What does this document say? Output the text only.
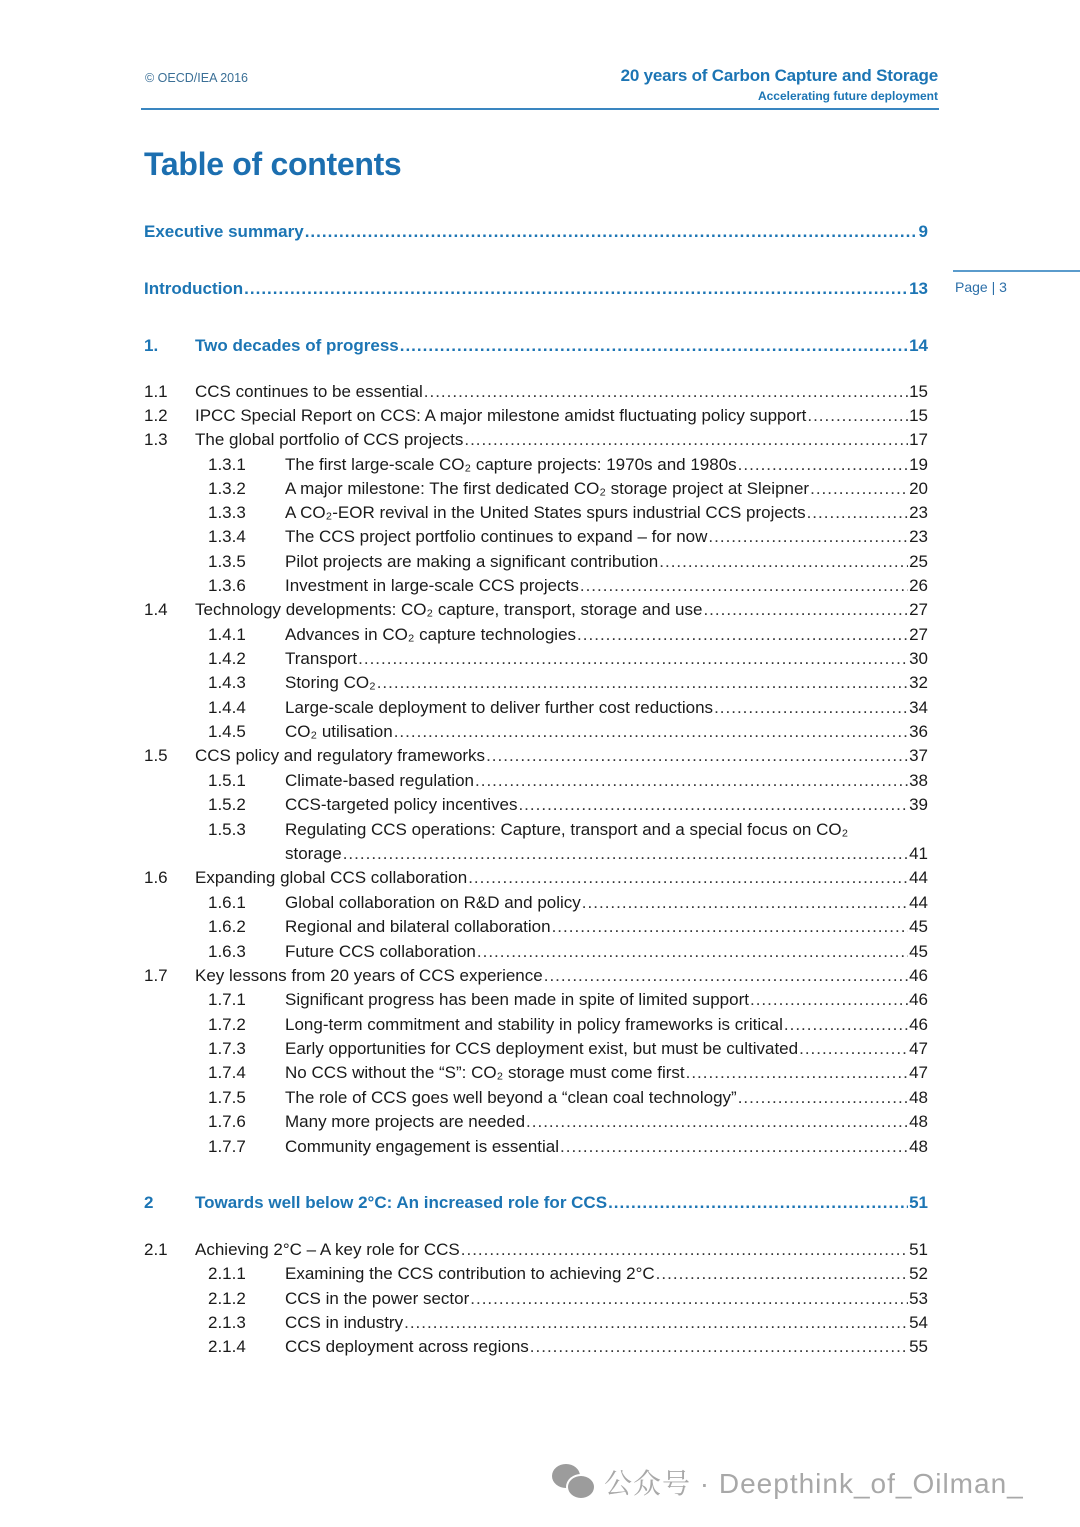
© OECD/IEA 2016	20 years of Carbon Capture and Storage
Accelerating future deployment
Page | 3
Table of contents
Executive summary .....	9
Introduction .....	13
1.	Two decades of progress .....	14
1.1	CCS continues to be essential .....	15
1.2	IPCC Special Report on CCS: A major milestone amidst fluctuating policy support .....	15
1.3	The global portfolio of CCS projects .....	17
1.3.1	The first large-scale CO₂ capture projects: 1970s and 1980s .....	19
1.3.2	A major milestone: The first dedicated CO₂ storage project at Sleipner .....	20
1.3.3	A CO₂-EOR revival in the United States spurs industrial CCS projects .....	23
1.3.4	The CCS project portfolio continues to expand – for now .....	23
1.3.5	Pilot projects are making a significant contribution .....	25
1.3.6	Investment in large-scale CCS projects .....	26
1.4	Technology developments: CO₂ capture, transport, storage and use .....	27
1.4.1	Advances in CO₂ capture technologies .....	27
1.4.2	Transport .....	30
1.4.3	Storing CO₂ .....	32
1.4.4	Large-scale deployment to deliver further cost reductions .....	34
1.4.5	CO₂ utilisation .....	36
1.5	CCS policy and regulatory frameworks .....	37
1.5.1	Climate-based regulation .....	38
1.5.2	CCS-targeted policy incentives .....	39
1.5.3	Regulating CCS operations: Capture, transport and a special focus on CO₂
storage .....	41
1.6	Expanding global CCS collaboration .....	44
1.6.1	Global collaboration on R&D and policy .....	44
1.6.2	Regional and bilateral collaboration .....	45
1.6.3	Future CCS collaboration .....	45
1.7	Key lessons from 20 years of CCS experience .....	46
1.7.1	Significant progress has been made in spite of limited support .....	46
1.7.2	Long-term commitment and stability in policy frameworks is critical .....	46
1.7.3	Early opportunities for CCS deployment exist, but must be cultivated .....	47
1.7.4	No CCS without the “S”: CO₂ storage must come first .....	47
1.7.5	The role of CCS goes well beyond a “clean coal technology” .....	48
1.7.6	Many more projects are needed .....	48
1.7.7	Community engagement is essential .....	48
2	Towards well below 2°C: An increased role for CCS .....	51
2.1	Achieving 2°C – A key role for CCS .....	51
2.1.1	Examining the CCS contribution to achieving 2°C .....	52
2.1.2	CCS in the power sector .....	53
2.1.3	CCS in industry .....	54
2.1.4	CCS deployment across regions .....	55
公众号 · Deepthink_of_Oilman_
